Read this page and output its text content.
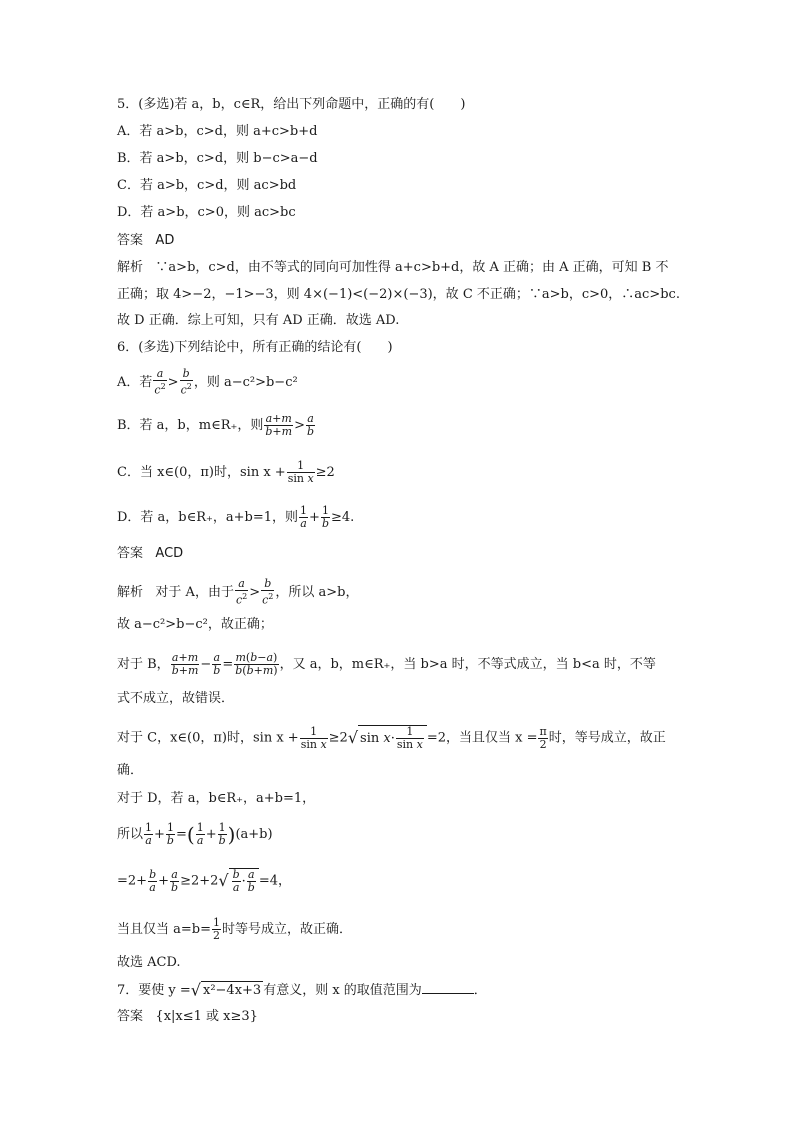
5．(多选)若 a，b，c∈R，给出下列命题中，正确的有(　　)
A．若 a>b，c>d，则 a+c>b+d
B．若 a>b，c>d，则 b−c>a−d
C．若 a>b，c>d，则 ac>bd
D．若 a>b，c>0，则 ac>bc
答案 AD
解析 ∵a>b，c>d，由不等式的同向可加性得 a+c>b+d，故 A 正确；由 A 正确，可知 B 不
正确；取 4>−2，−1>−3，则 4×(−1)<(−2)×(−3)，故 C 不正确；∵a>b，c>0，∴ac>bc.
故 D 正确．综上可知，只有 AD 正确．故选 AD.
6．(多选)下列结论中，所有正确的结论有(　　)
A．若 $\frac{a}{c^2} > \frac{b}{c^2}$ ，则 a−c²>b−c²
B．若 a，b，m∈R₊，则 $\frac{a+m}{b+m} > \frac{a}{b}$
C．当 x∈(0，π)时，$\sin x + \frac{1}{\text{sin x}} \ge 2$
D．若 a，b∈R₊，a+b=1，则 $\frac{1}{a} + \frac{1}{b} \ge 4$.
答案 ACD
解析 对于 A，由于 $\frac{a}{c^2} > \frac{b}{c^2}$ ，所以 a>b，
故 a−c²>b−c²，故正确；
对于 B， $\frac{a+m}{b+m} - \frac{a}{b} = \frac{m(b-a)}{b(b+m)}$ ，又 a，b，m∈R₊，当 b>a 时，不等式成立，当 b<a 时，不等
式不成立，故错误．
对于 C，x∈(0，π)时，$\sin x + \frac{1}{\text{sin x}} \ge 2√$ $\sin x\cdot \frac{1}{\text{sin x}} =2$，当且仅当 $x = \frac{\pi}{2}$ 时，等号成立，故正
确．
对于 D，若 a，b∈R₊，a+b=1，
所以 $\frac{1}{a} + \frac{1}{b}$ =( $\frac{1}{a} + \frac{1}{b} )(a+b)$
$=2+ \frac{b}{a} + \frac{a}{b} \ge 2+2√ \frac{b}{a} \cdot \frac{a}{b} =4$，
当且仅当 $a=b= \frac{1}{2}$ 时等号成立，故正确．
故选 ACD.
7．要使 y =√ x²−4x+3 有意义，则 x 的取值范围为	．
答案 {x|x≤1 或 x≥3}
